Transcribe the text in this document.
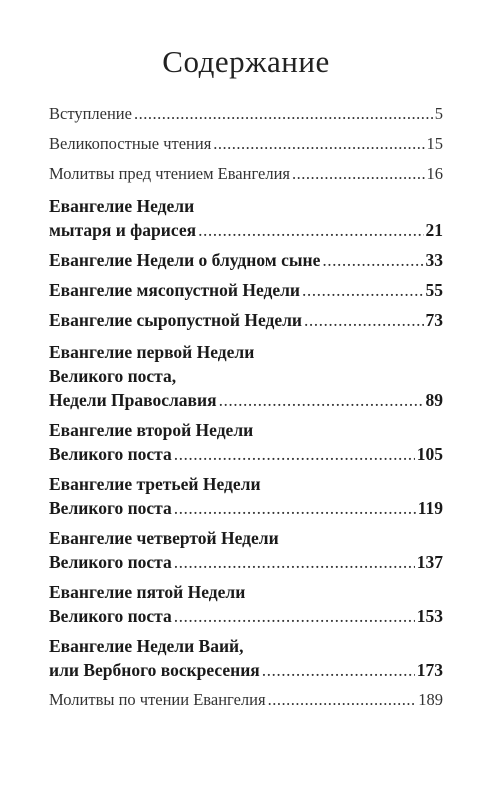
Содержание
Вступление .....	5
Великопостные чтения .....	15
Молитвы пред чтением Евангелия .....	16
Евангелие Недели
мытаря и фарисея .....	21
Евангелие Недели о блудном сыне .....	33
Евангелие мясопустной Недели .....	55
Евангелие сыропустной Недели .....	73
Евангелие первой Недели
Великого поста,
Недели Православия .....	89
Евангелие второй Недели
Великого поста .....	105
Евангелие третьей Недели
Великого поста .....	119
Евангелие четвертой Недели
Великого поста .....	137
Евангелие пятой Недели
Великого поста .....	153
Евангелие Недели Ваий,
или Вербного воскресения .....	173
Молитвы по чтении Евангелия .....	189
